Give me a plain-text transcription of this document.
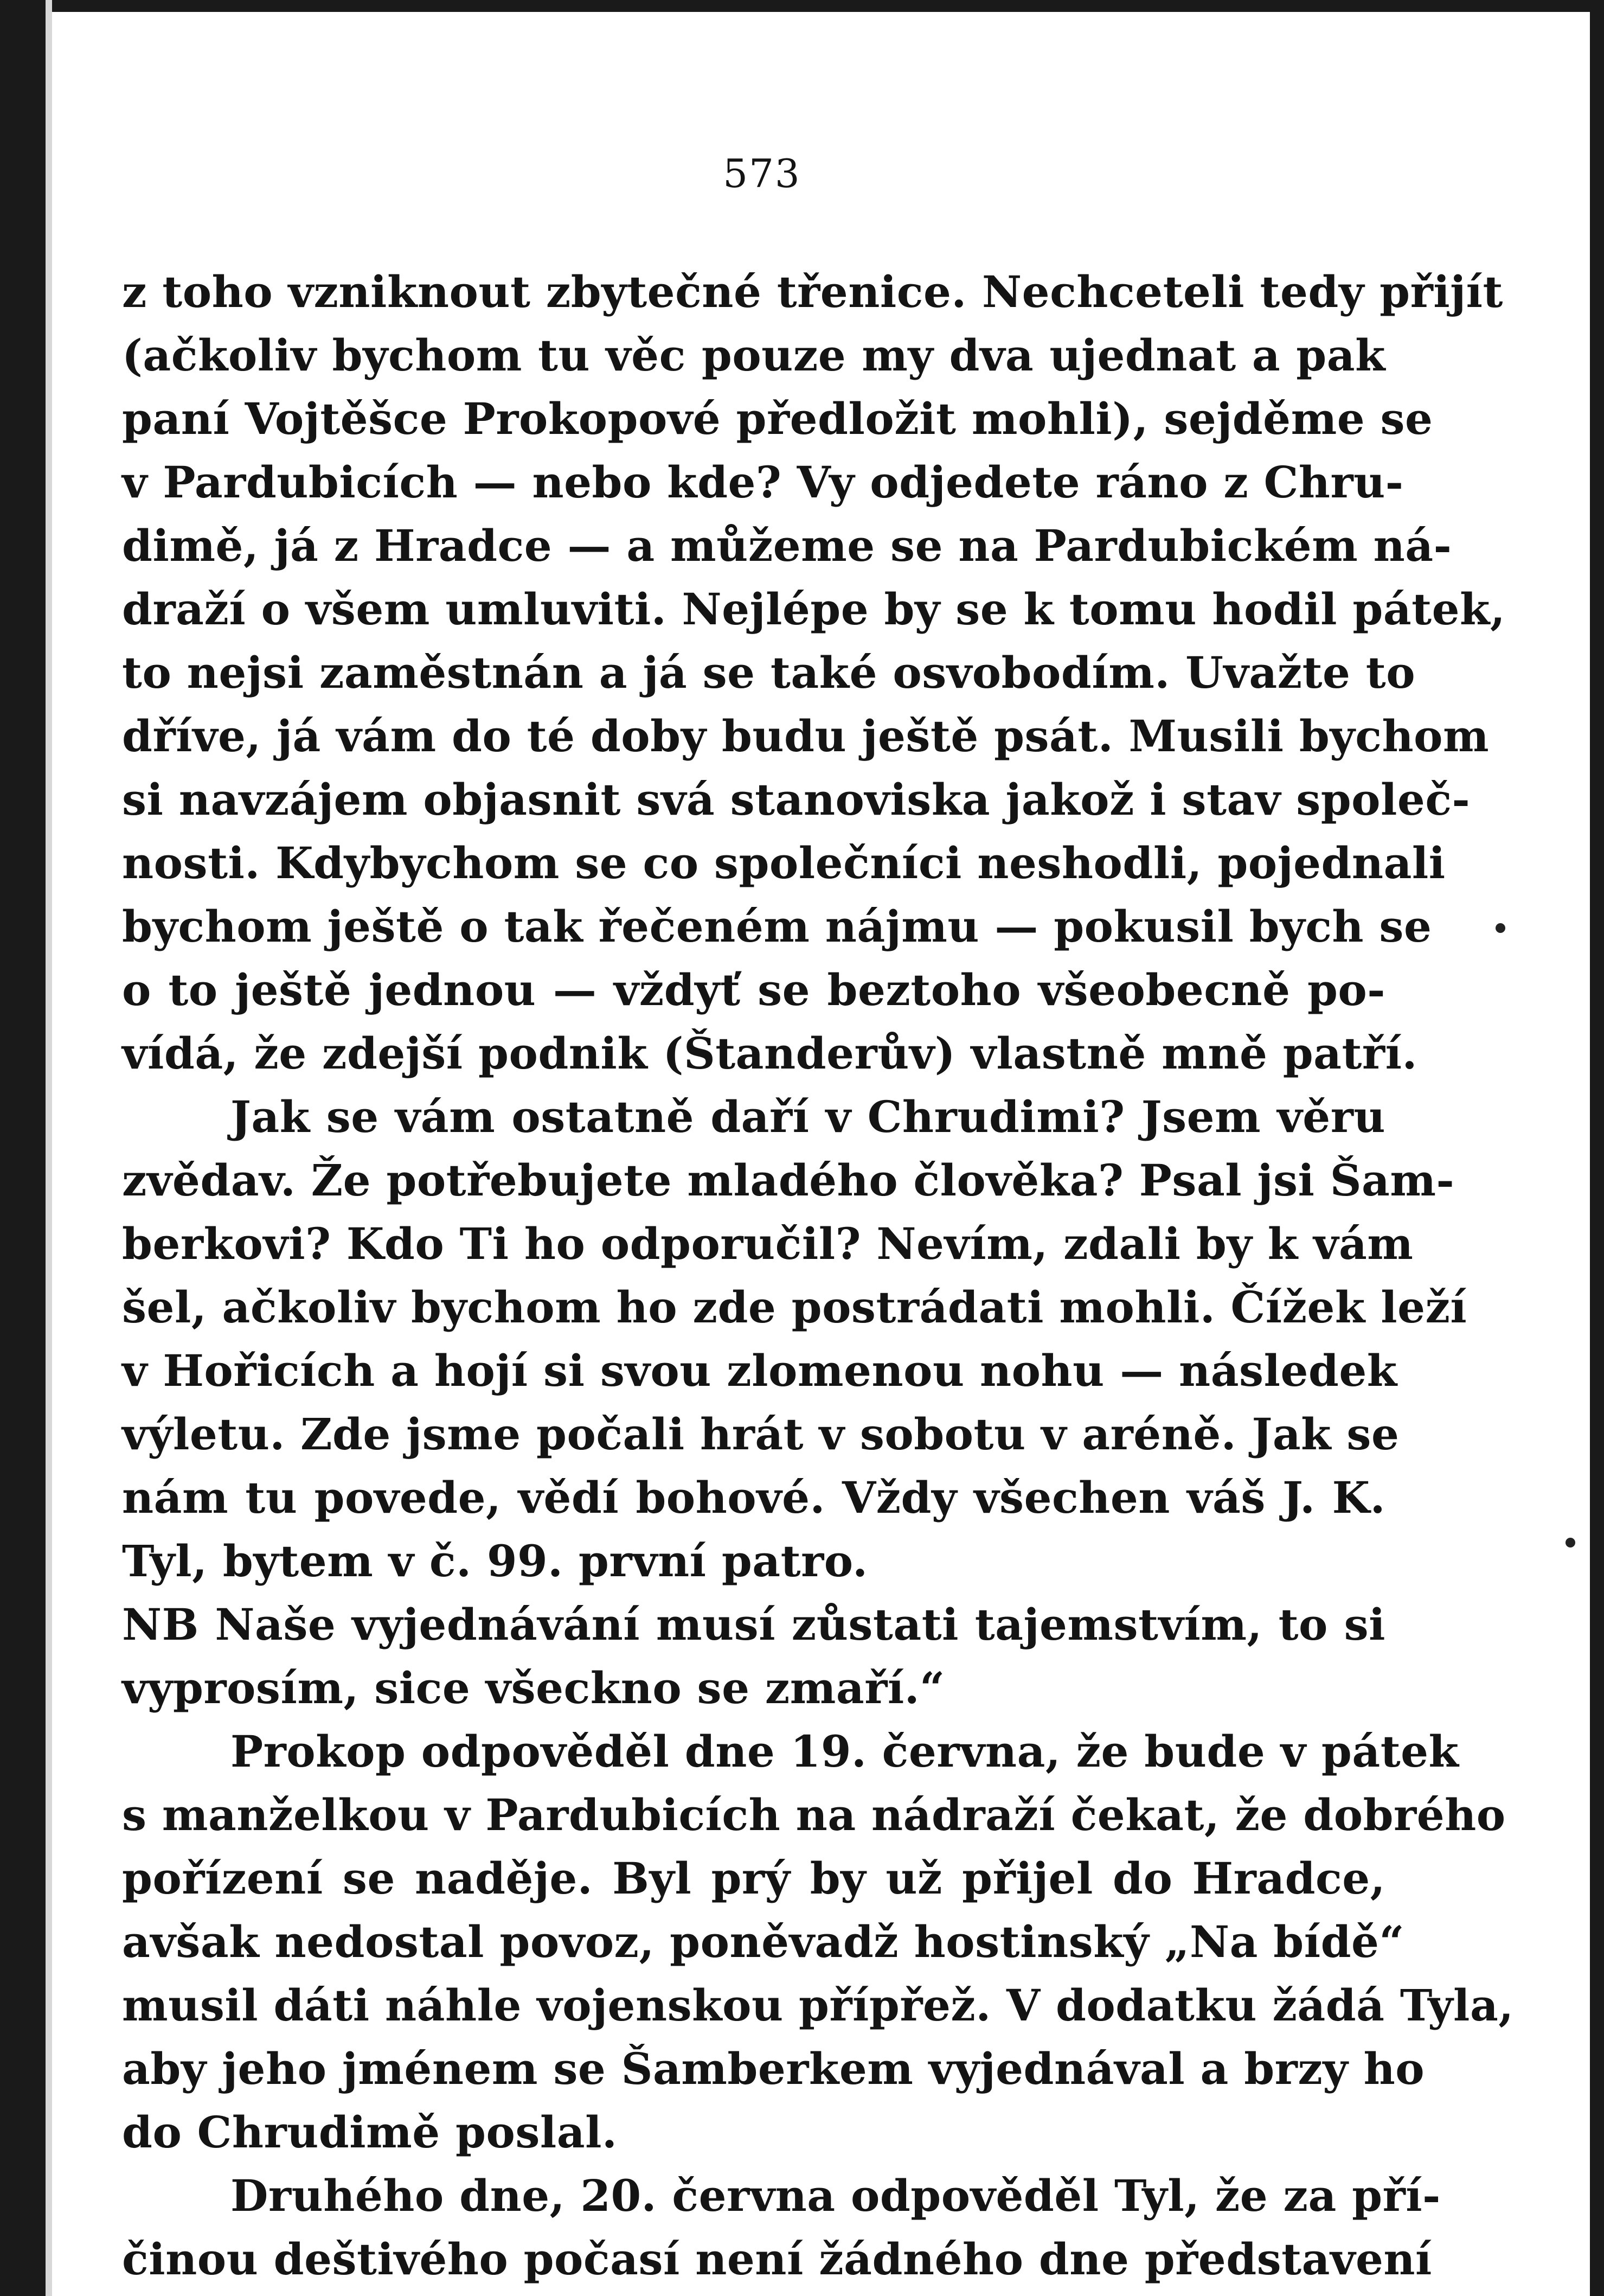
573
z toho vzniknout zbytečné třenice. Nechceteli tedy přijít
(ačkoliv bychom tu věc pouze my dva ujednat a pak
paní Vojtěšce Prokopové předložit mohli), sejděme se
v Pardubicích — nebo kde? Vy odjedete ráno z Chru-
dimě, já z Hradce — a můžeme se na Pardubickém ná-
draží o všem umluviti. Nejlépe by se k tomu hodil pátek,
to nejsi zaměstnán a já se také osvobodím. Uvažte to
dříve, já vám do té doby budu ještě psát. Musili bychom
si navzájem objasnit svá stanoviska jakož i stav společ-
nosti. Kdybychom se co společníci neshodli, pojednali
bychom ještě o tak řečeném nájmu — pokusil bych se
o to ještě jednou — vždyť se beztoho všeobecně po-
vídá, že zdejší podnik (Štanderův) vlastně mně patří.
Jak se vám ostatně daří v Chrudimi? Jsem věru
zvědav. Že potřebujete mladého člověka? Psal jsi Šam-
berkovi? Kdo Ti ho odporučil? Nevím, zdali by k vám
šel, ačkoliv bychom ho zde postrádati mohli. Čížek leží
v Hořicích a hojí si svou zlomenou nohu — následek
výletu. Zde jsme počali hrát v sobotu v aréně. Jak se
nám tu povede, vědí bohové. Vždy všechen váš J. K.
Tyl, bytem v č. 99. první patro.
NB Naše vyjednávání musí zůstati tajemstvím, to si
vyprosím, sice všeckno se zmaří.“
Prokop odpověděl dne 19. června, že bude v pátek
s manželkou v Pardubicích na nádraží čekat, že dobrého
pořízení se naděje. Byl prý by už přijel do Hradce,
avšak nedostal povoz, poněvadž hostinský „Na bídě“
musil dáti náhle vojenskou přípřež. V dodatku žádá Tyla,
aby jeho jménem se Šamberkem vyjednával a brzy ho
do Chrudimě poslal.
Druhého dne, 20. června odpověděl Tyl, že za pří-
činou deštivého počasí není žádného dne představení
